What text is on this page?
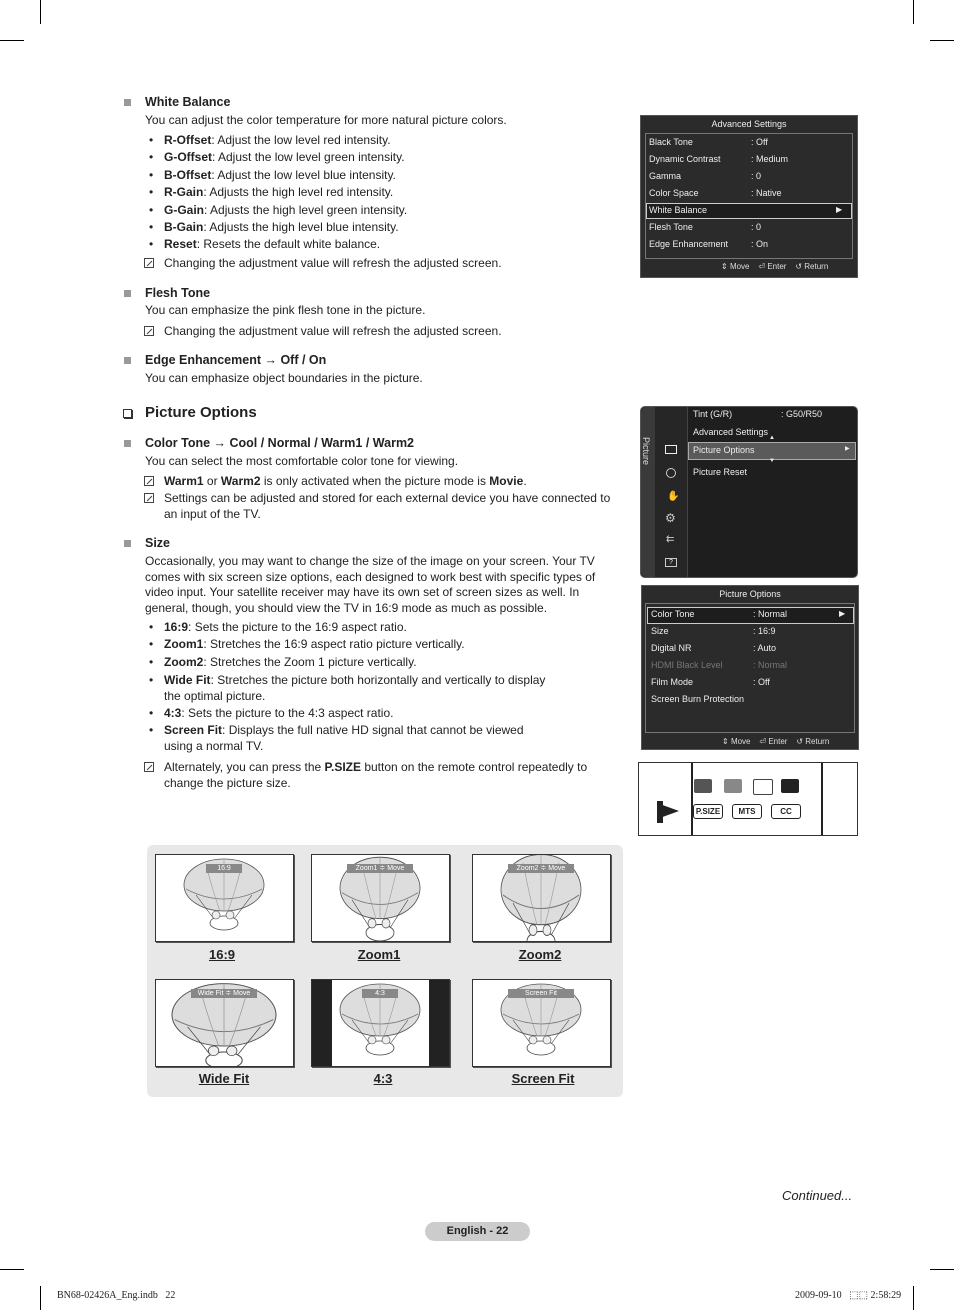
White Balance
You can adjust the color temperature for more natural picture colors.
• R-Offset: Adjust the low level red intensity.
• G-Offset: Adjust the low level green intensity.
• B-Offset: Adjust the low level blue intensity.
• R-Gain: Adjusts the high level red intensity.
• G-Gain: Adjusts the high level green intensity.
• B-Gain: Adjusts the high level blue intensity.
• Reset: Resets the default white balance.
Changing the adjustment value will refresh the adjusted screen.
Flesh Tone
You can emphasize the pink flesh tone in the picture.
Changing the adjustment value will refresh the adjusted screen.
Edge Enhancement → Off / On
You can emphasize object boundaries in the picture.
Picture Options
Color Tone → Cool / Normal / Warm1 / Warm2
You can select the most comfortable color tone for viewing.
Warm1 or Warm2 is only activated when the picture mode is Movie.
Settings can be adjusted and stored for each external device you have connected to an input of the TV.
Size
Occasionally, you may want to change the size of the image on your screen. Your TV comes with six screen size options, each designed to work best with specific types of video input. Your satellite receiver may have its own set of screen sizes as well. In general, though, you should view the TV in 16:9 mode as much as possible.
• 16:9: Sets the picture to the 16:9 aspect ratio.
• Zoom1: Stretches the 16:9 aspect ratio picture vertically.
• Zoom2: Stretches the Zoom 1 picture vertically.
• Wide Fit: Stretches the picture both horizontally and vertically to display the optimal picture.
• 4:3: Sets the picture to the 4:3 aspect ratio.
• Screen Fit: Displays the full native HD signal that cannot be viewed using a normal TV.
Alternately, you can press the P.SIZE button on the remote control repeatedly to change the picture size.
Advanced Settings
Black Tone	: Off
Dynamic Contrast	: Medium
Gamma	: 0
Color Space	: Native
White Balance
Flesh Tone	: 0
Edge Enhancement	: On
▶
⇕ Move ⏎ Enter ↺ Return
Picture
✋
⚙
⇇
?
Tint (G/R)	: G50/R50
Advanced Settings
Picture Options
Picture Reset
▶
▲
▼
Picture Options
Color Tone	: Normal
Size	: 16:9
Digital NR	: Auto
HDMI Black Level	: Normal
Film Mode	: Off
Screen Burn Protection
▶
⇕ Move ⏎ Enter ↺ Return
P.SIZE	MTS	CC
16:9
16:9
Zoom1 ≑ Move
Zoom1
Zoom2 ≑ Move
Zoom2
Wide Fit ≑ Move
Wide Fit
4:3
4:3
Screen Fit
Screen Fit
Continued...
English - 22
BN68-02426A_Eng.indb   22	2009-09-10   ⬚⬚ 2:58:29
